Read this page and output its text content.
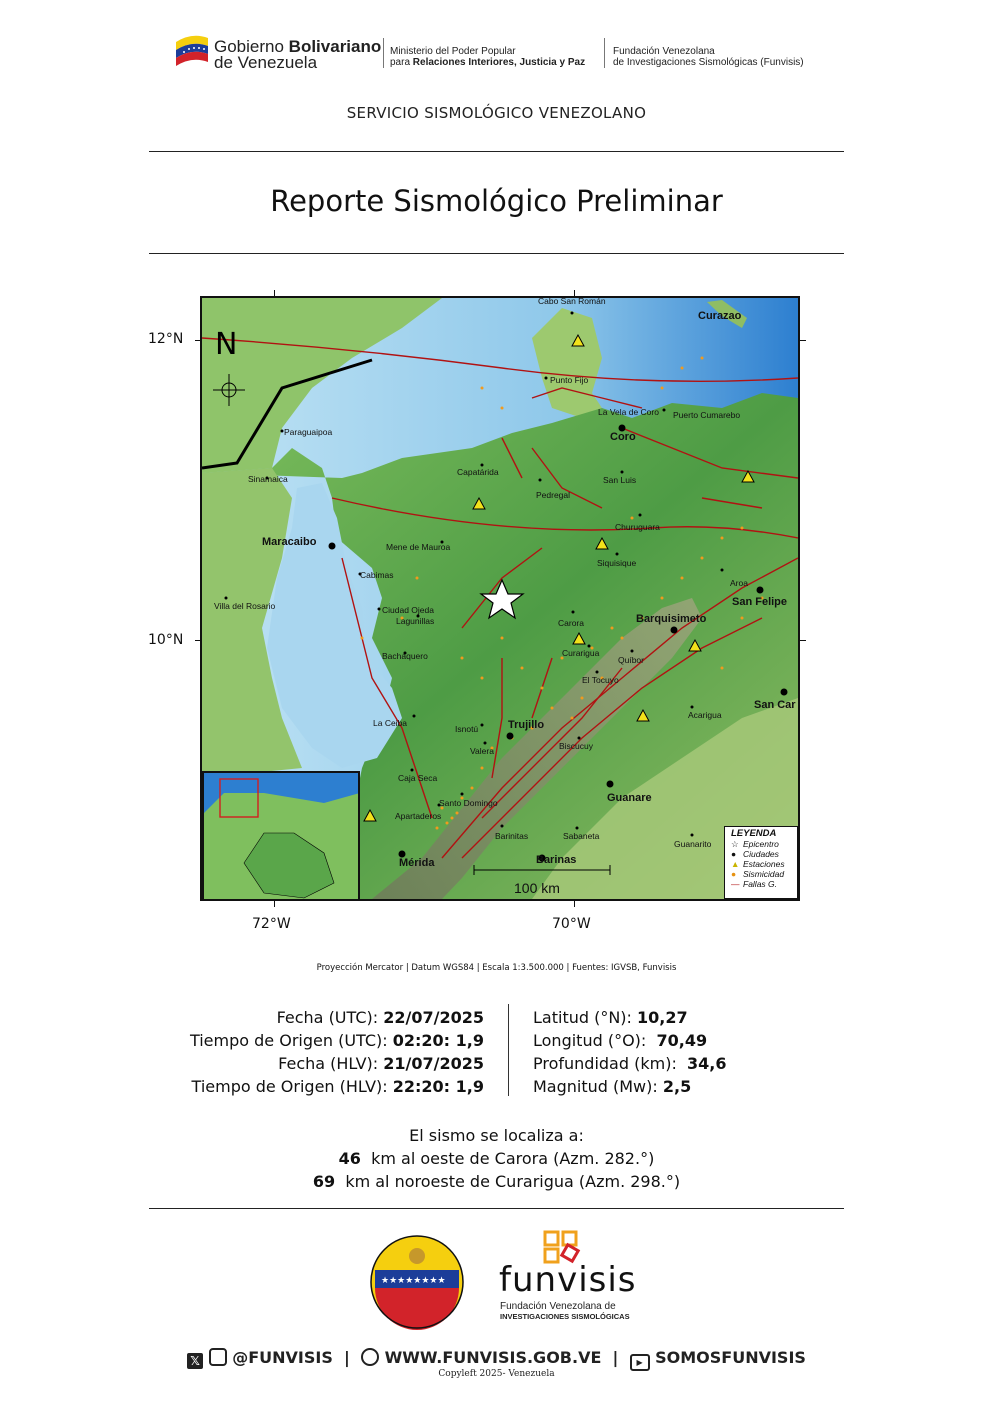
Gobierno Bolivariano
de Venezuela
Ministerio del Poder Popular
para Relaciones Interiores, Justicia y Paz
Fundación Venezolana
de Investigaciones Sismológicas (Funvisis)
SERVICIO SISMOLÓGICO VENEZOLANO
Reporte Sismológico Preliminar
12°N
10°N
72°W	70°W
N
LEYENDA
☆ Epicentro
● Ciudades
▲ Estaciones
● Sismicidad
— Fallas G.
100 km
Cabo San Román
Curazao
Punto Fijo
La Vela de Coro Puerto Cumarebo
Coro
Paraguaipoa
Sinamaica
Capatárida
San Luis
Pedregal
Churuguara
Maracaibo	Mene de Mauroa
Siquisique
Cabimas
Aroa
San Felipe
Villa del Rosario	Ciudad Ojeda
Lagunillas	Carora	Barquisimeto
Curarigua
Bachaquero	Quíbor
El Tocuyo
San Car
Acarigua
Isnotú	Trujillo
La Ceiba
Valera	Biscucuy
Caja Seca
Guanare
Santo Domingo
Apartaderos
Barinitas	Sabaneta
Guanarito
Mérida	Barinas
Proyección Mercator | Datum WGS84 | Escala 1:3.500.000 | Fuentes: IGVSB, Funvisis
Fecha (UTC): 22/07/2025
Tiempo de Origen (UTC): 02:20: 1,9
Fecha (HLV): 21/07/2025
Tiempo de Origen (HLV): 22:20: 1,9
Latitud (°N): 10,27
Longitud (°O):  70,49
Profundidad (km):  34,6
Magnitud (Mw): 2,5
El sismo se localiza a:
46  km al oeste de Carora (Azm. 282.°)
69  km al noroeste de Curarigua (Azm. 298.°)
★★★★★★★★ funvisis
Fundación Venezolana de
INVESTIGACIONES SISMOLÓGICAS
𝕏 @FUNVISIS  |   WWW.FUNVISIS.GOB.VE  |  ▶ SOMOSFUNVISIS
Copyleft 2025- Venezuela
